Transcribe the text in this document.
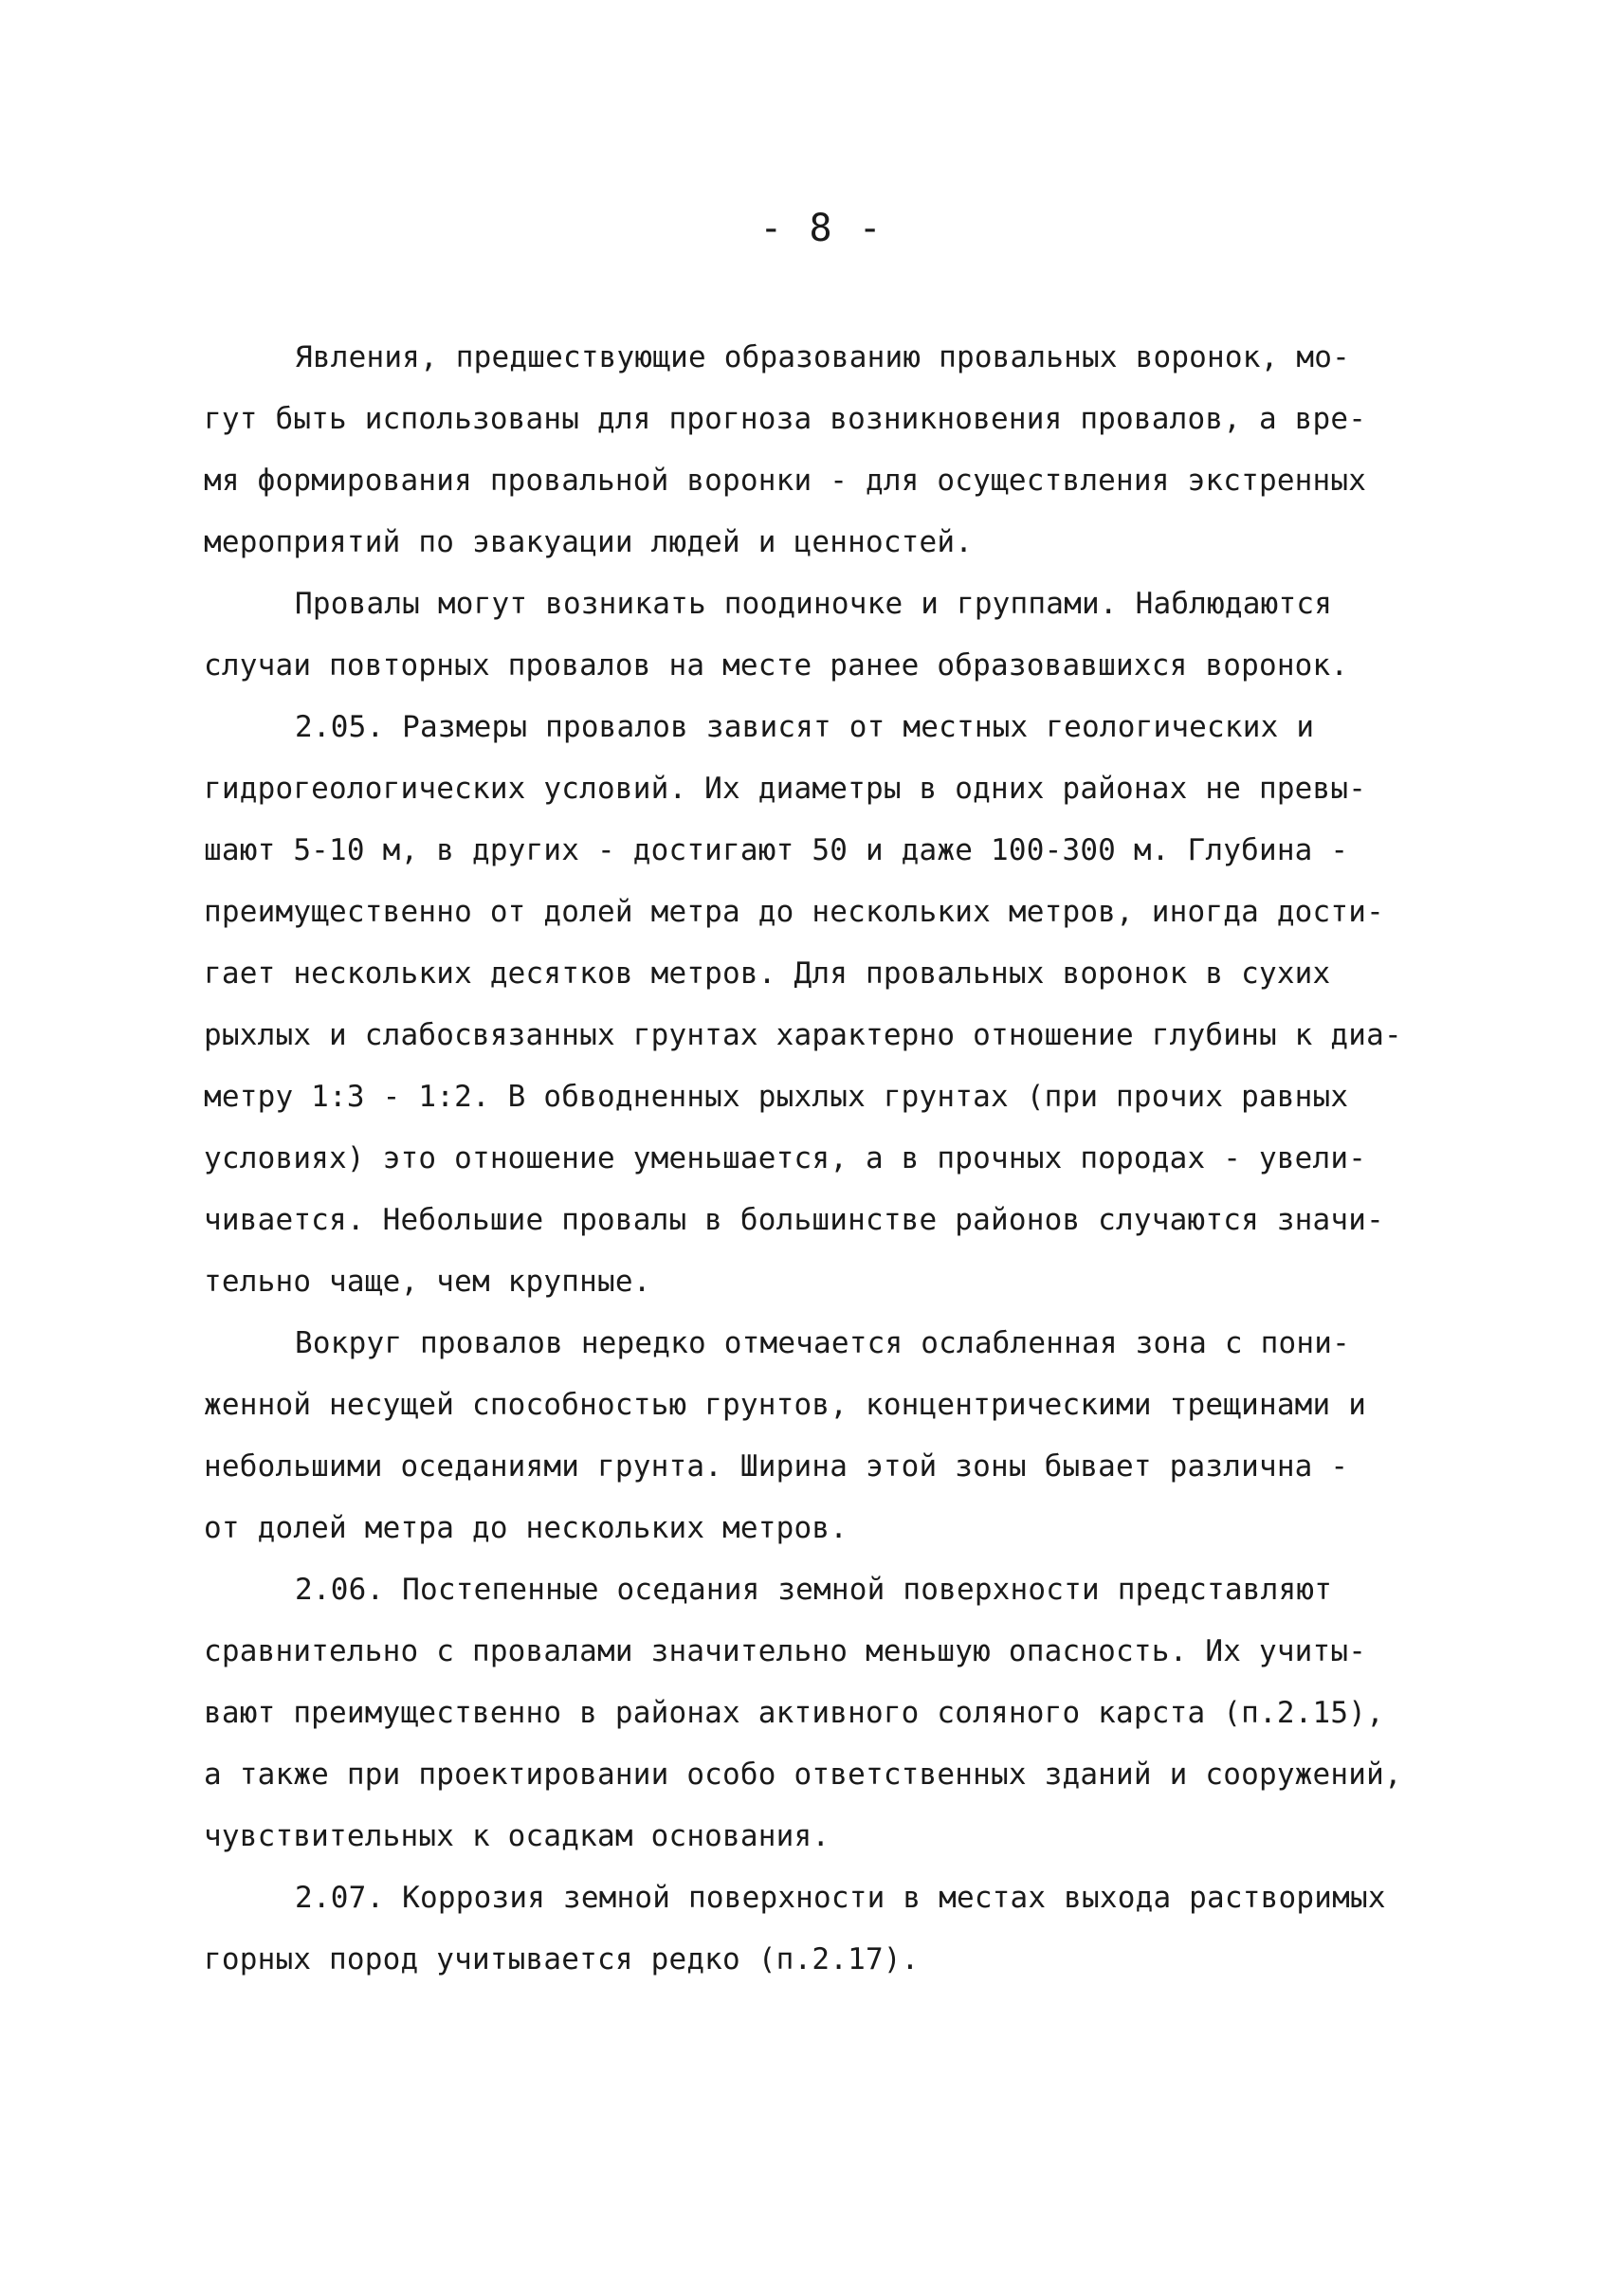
- 8 -
Явления, предшествующие образованию провальных воронок, мо-
гут быть использованы для прогноза возникновения провалов, а вре-
мя формирования провальной воронки - для осуществления экстренных
мероприятий по эвакуации людей и ценностей.
Провалы могут возникать поодиночке и группами. Наблюдаются
случаи повторных провалов на месте ранее образовавшихся воронок.
2.05. Размеры провалов зависят от местных геологических и
гидрогеологических условий. Их диаметры в одних районах не превы-
шают 5-10 м, в других - достигают 50 и даже 100-300 м. Глубина -
преимущественно от долей метра до нескольких метров, иногда дости-
гает нескольких десятков метров. Для провальных воронок в сухих
рыхлых и слабосвязанных грунтах характерно отношение глубины к диа-
метру 1:3 - 1:2. В обводненных рыхлых грунтах (при прочих равных
условиях) это отношение уменьшается, а в прочных породах - увели-
чивается. Небольшие провалы в большинстве районов случаются значи-
тельно чаще, чем крупные.
Вокруг провалов нередко отмечается ослабленная зона с пони-
женной несущей способностью грунтов, концентрическими трещинами и
небольшими оседаниями грунта. Ширина этой зоны бывает различна -
от долей метра до нескольких метров.
2.06. Постепенные оседания земной поверхности представляют
сравнительно с провалами значительно меньшую опасность. Их учиты-
вают преимущественно в районах активного соляного карста (п.2.15),
а также при проектировании особо ответственных зданий и сооружений,
чувствительных к осадкам основания.
2.07. Коррозия земной поверхности в местах выхода растворимых
горных пород учитывается редко (п.2.17).
